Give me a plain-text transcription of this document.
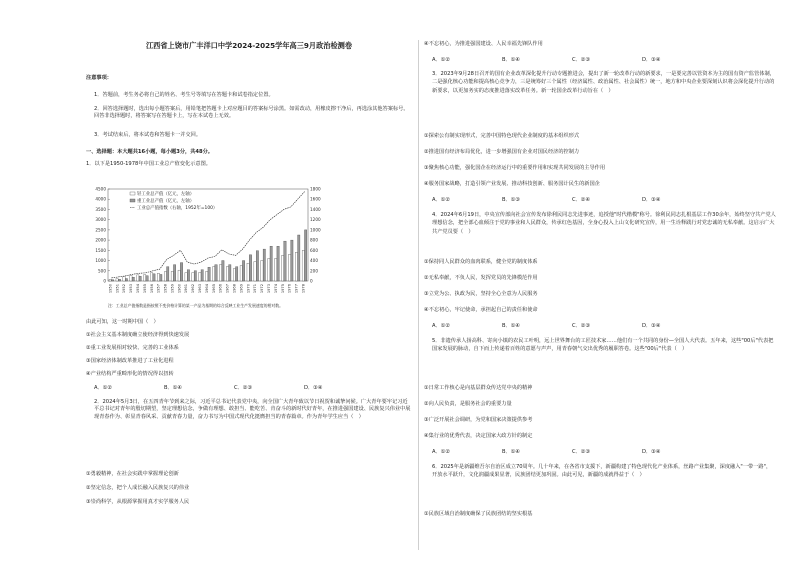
江西省上饶市广丰洋口中学2024-2025学年高三9月政治检测卷

注意事项：

1．答题前，考生务必将自己的姓名、考生号等填写在答题卡和试卷指定位置。
2．回答选择题时，选出每小题答案后，用铅笔把答题卡上对应题目的答案标号涂黑。如需改动，用橡皮擦干净后，再选涂其他答案标号。回答非选择题时，将答案写在答题卡上，写在本试卷上无效。
3．考试结束后，将本试卷和答题卡一并交回。
一、选择题：本大题共16小题，每小题3分，共48分。
1．以下是1950-1978年中国工业总产值变化示意图。
4500
4000
3500
3000
2500
2000
1500
1000
500
0
1800
1600
1400
1200
1000
800
600
400
200
0
1950 1951 1952 1953 1954 1955 1956 1957 1958 1959 1960 1961 1962 1963 1964 1965 1966 1967 1968 1969 1970 1971 1972 1973 1974 1975 1976 1977 1978
轻工业总产值（亿元，左轴）
重工业总产值（亿元，左轴）
工业总产值指数（右轴，1952年=100）
注：工业总产值指数是指按照不变价格计算的某一产品为基期的综合反映工业生产发展速度的相对数。
由此可知，这一时期中国（　）
①社会主义基本制度确立使经济得到快速发展
②重工业发展相对较快、完善的工业体系
③国家经济体制改革推进了工业化进程
④产业结构严重畸形化的情况得以扭转
A．①②	B．①④	C．②③	D．③④
2．2024年5月3日，在五四青年节到来之际，习近平总书记代表党中央，向全国广大青年致以节日祝贺和诚挚问候。广大青年要牢记习近平总书记对青年的殷切期望，坚定理想信念，争做有理想、敢担当、能吃苦、肯奋斗的新时代好青年，在推进强国建设、民族复兴伟业中展现青春作为、彰显青春风采、贡献青春力量，奋力书写为中国式现代化挺膺担当的青春篇章。作为青年学生应当（　）
①勇毅精神，在社会实践中掌握理论创新
②坚定信念，把个人成长融入民族复兴的伟业
③崇尚科学，从根源掌握用真才实学服务人民
④不忘初心，为推进强国建设、人民幸福先锋队作用
A．①②	B．①④	C．②③	D．③④
3．2023年9月28日召开的国有企业改革深化提升行动专题推进会，提出了新一轮改革行动的新要求，一是要完善以管资本为主的国有资产监管体制，二是强化核心功能和提高核心竞争力，三是统筹好三个属性（经济属性、政治属性、社会属性）统一，地方和中央企业要深刻认识将会深化提升行动的新要求，以更加务实的态度推进落实改革任务。新一轮国企改革行动旨在（　）
①探索公有制实现形式，完善中国特色现代企业制度的基本组织形式
②推进国有经济布局优化，进一步增强国有企业对国民经济的控制力
③聚焦核心功能，强化国企在经济运行中的重要作用和实现共同发展的主导作用
④服务国家战略，打造引领产业发展、推动科技创新、服务国计民生的新国企
A．①②	B．①③	C．②④	D．③④
4．2024年6月19日，中央宣传部向社会宣传发布徐利民同志先进事迹，追授他"时代楷模"称号。徐利民同志扎根基层工作30余年，始终坚守共产党人理想信念，把全部心血倾注于党的事业和人民群众，传承红色基因，全身心投入上山文化研究宣传，用一生诠释践行对党忠诚的无私奉献。这启示广大共产党员要（　）
①保持同人民群众的血肉联系，健全党的制度体系
②无私奉献，不负人民，发挥党员的先锋模范作用
③立党为公、执政为民，坚持全心全意为人民服务
④不忘初心，牢记使命，承担起自己的责任和使命
A．①②	B．①④	C．②③	D．③④
5．非遗传承人扬高科、寄向小镇的农民工叶明，远上世界舞台的工匠技术家……他们有一个共同的身份—全国人大代表。五年来，这些"00后"代表把国家发展的脉动，自下而上传递着百姓的意愿与声声，用青春朝气交出优秀的履职答卷。这些"00后"代表（　）
①日常工作核心是向基层群众传达党中央的精神
②向人民负责，是服务社会的重要力量
③广泛开展社会调研，为党和国家决策提供参考
④集行业的优秀代表，决定国家大政方针的制定
A．①②	B．①④	C．②③	D．③④
6．2025年是新疆维吾尔自治区成立70周年。几十年来，在各省市支援下，新疆构建了特色现代化产业体系，丝路产业集聚，深度融入"一带一路"，开放水平跃升，文化润疆成果显著，民族团结更加巩固。由此可见，新疆的成就得益于（　）
①民族区域自治制度确保了民族团结的坚实根基
